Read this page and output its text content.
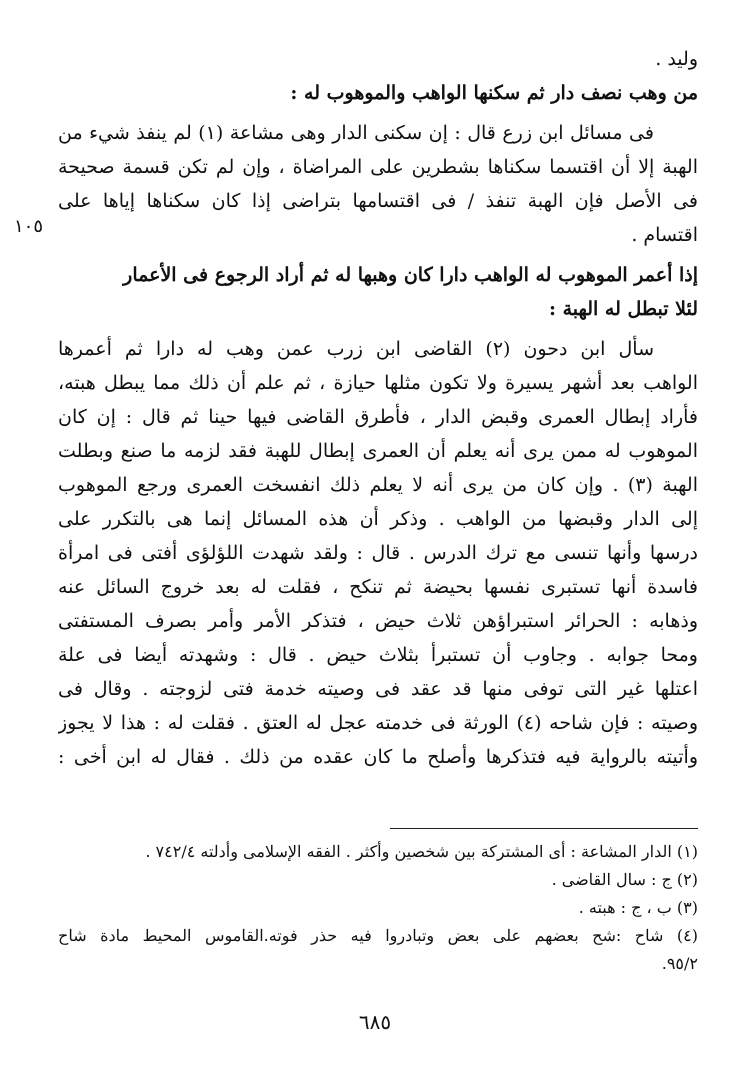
وليد .
من وهب نصف دار ثم سكنها الواهب والموهوب له :
فى مسائل ابن زرع قال : إن سكنى الدار وهى مشاعة (١) لم ينفذ شيء من
الهبة إلا أن اقتسما سكناها بشطرين على المراضاة ، وإن لم تكن قسمة صحيحة
فى الأصل فإن الهبة تنفذ / فى اقتسامها بتراضى إذا كان سكناها إياها على
اقتسام .
إذا أعمر الموهوب له الواهب دارا كان وهبها له ثم أراد الرجوع فى الأعمار
لئلا تبطل له الهبة :
سأل ابن دحون (٢) القاضى ابن زرب عمن وهب له دارا ثم أعمرها
الواهب بعد أشهر يسيرة ولا تكون مثلها حيازة ، ثم علم أن ذلك مما يبطل هبته،
فأراد إبطال العمرى وقبض الدار ، فأطرق القاضى فيها حينا ثم قال : إن كان
الموهوب له ممن يرى أنه يعلم أن العمرى إبطال للهبة فقد لزمه ما صنع وبطلت
الهبة (٣) . وإن كان من يرى أنه لا يعلم ذلك انفسخت العمرى ورجع الموهوب
إلى الدار وقبضها من الواهب . وذكر أن هذه المسائل إنما هى بالتكرر على
درسها وأنها تنسى مع ترك الدرس . قال : ولقد شهدت اللؤلؤى أفتى فى امرأة
فاسدة أنها تستبرى نفسها بحيضة ثم تنكح ، فقلت له بعد خروج السائل عنه
وذهابه : الحرائر استبراؤهن ثلاث حيض ، فتذكر الأمر وأمر بصرف المستفتى
ومحا جوابه . وجاوب أن تستبرأ بثلاث حيض . قال : وشهدته أيضا فى علة
اعتلها غير التى توفى منها قد عقد فى وصيته خدمة فتى لزوجته . وقال فى
وصيته : فإن شاحه (٤) الورثة فى خدمته عجل له العتق . فقلت له : هذا لا يجوز
وأتيته بالرواية فيه فتذكرها وأصلح ما كان عقده من ذلك . فقال له ابن أخى :
١٠٥
(١) الدار المشاعة : أى المشتركة بين شخصين وأكثر . الفقه الإسلامى وأدلته ٧٤٢/٤ .
(٢) ج : سال القاضى .
(٣) ب ، ج : هبته .
(٤) شاح :شح بعضهم على بعض وتبادروا فيه حذر فوته.القاموس المحيط مادة شاح
٩٥/٢.
٦٨٥
